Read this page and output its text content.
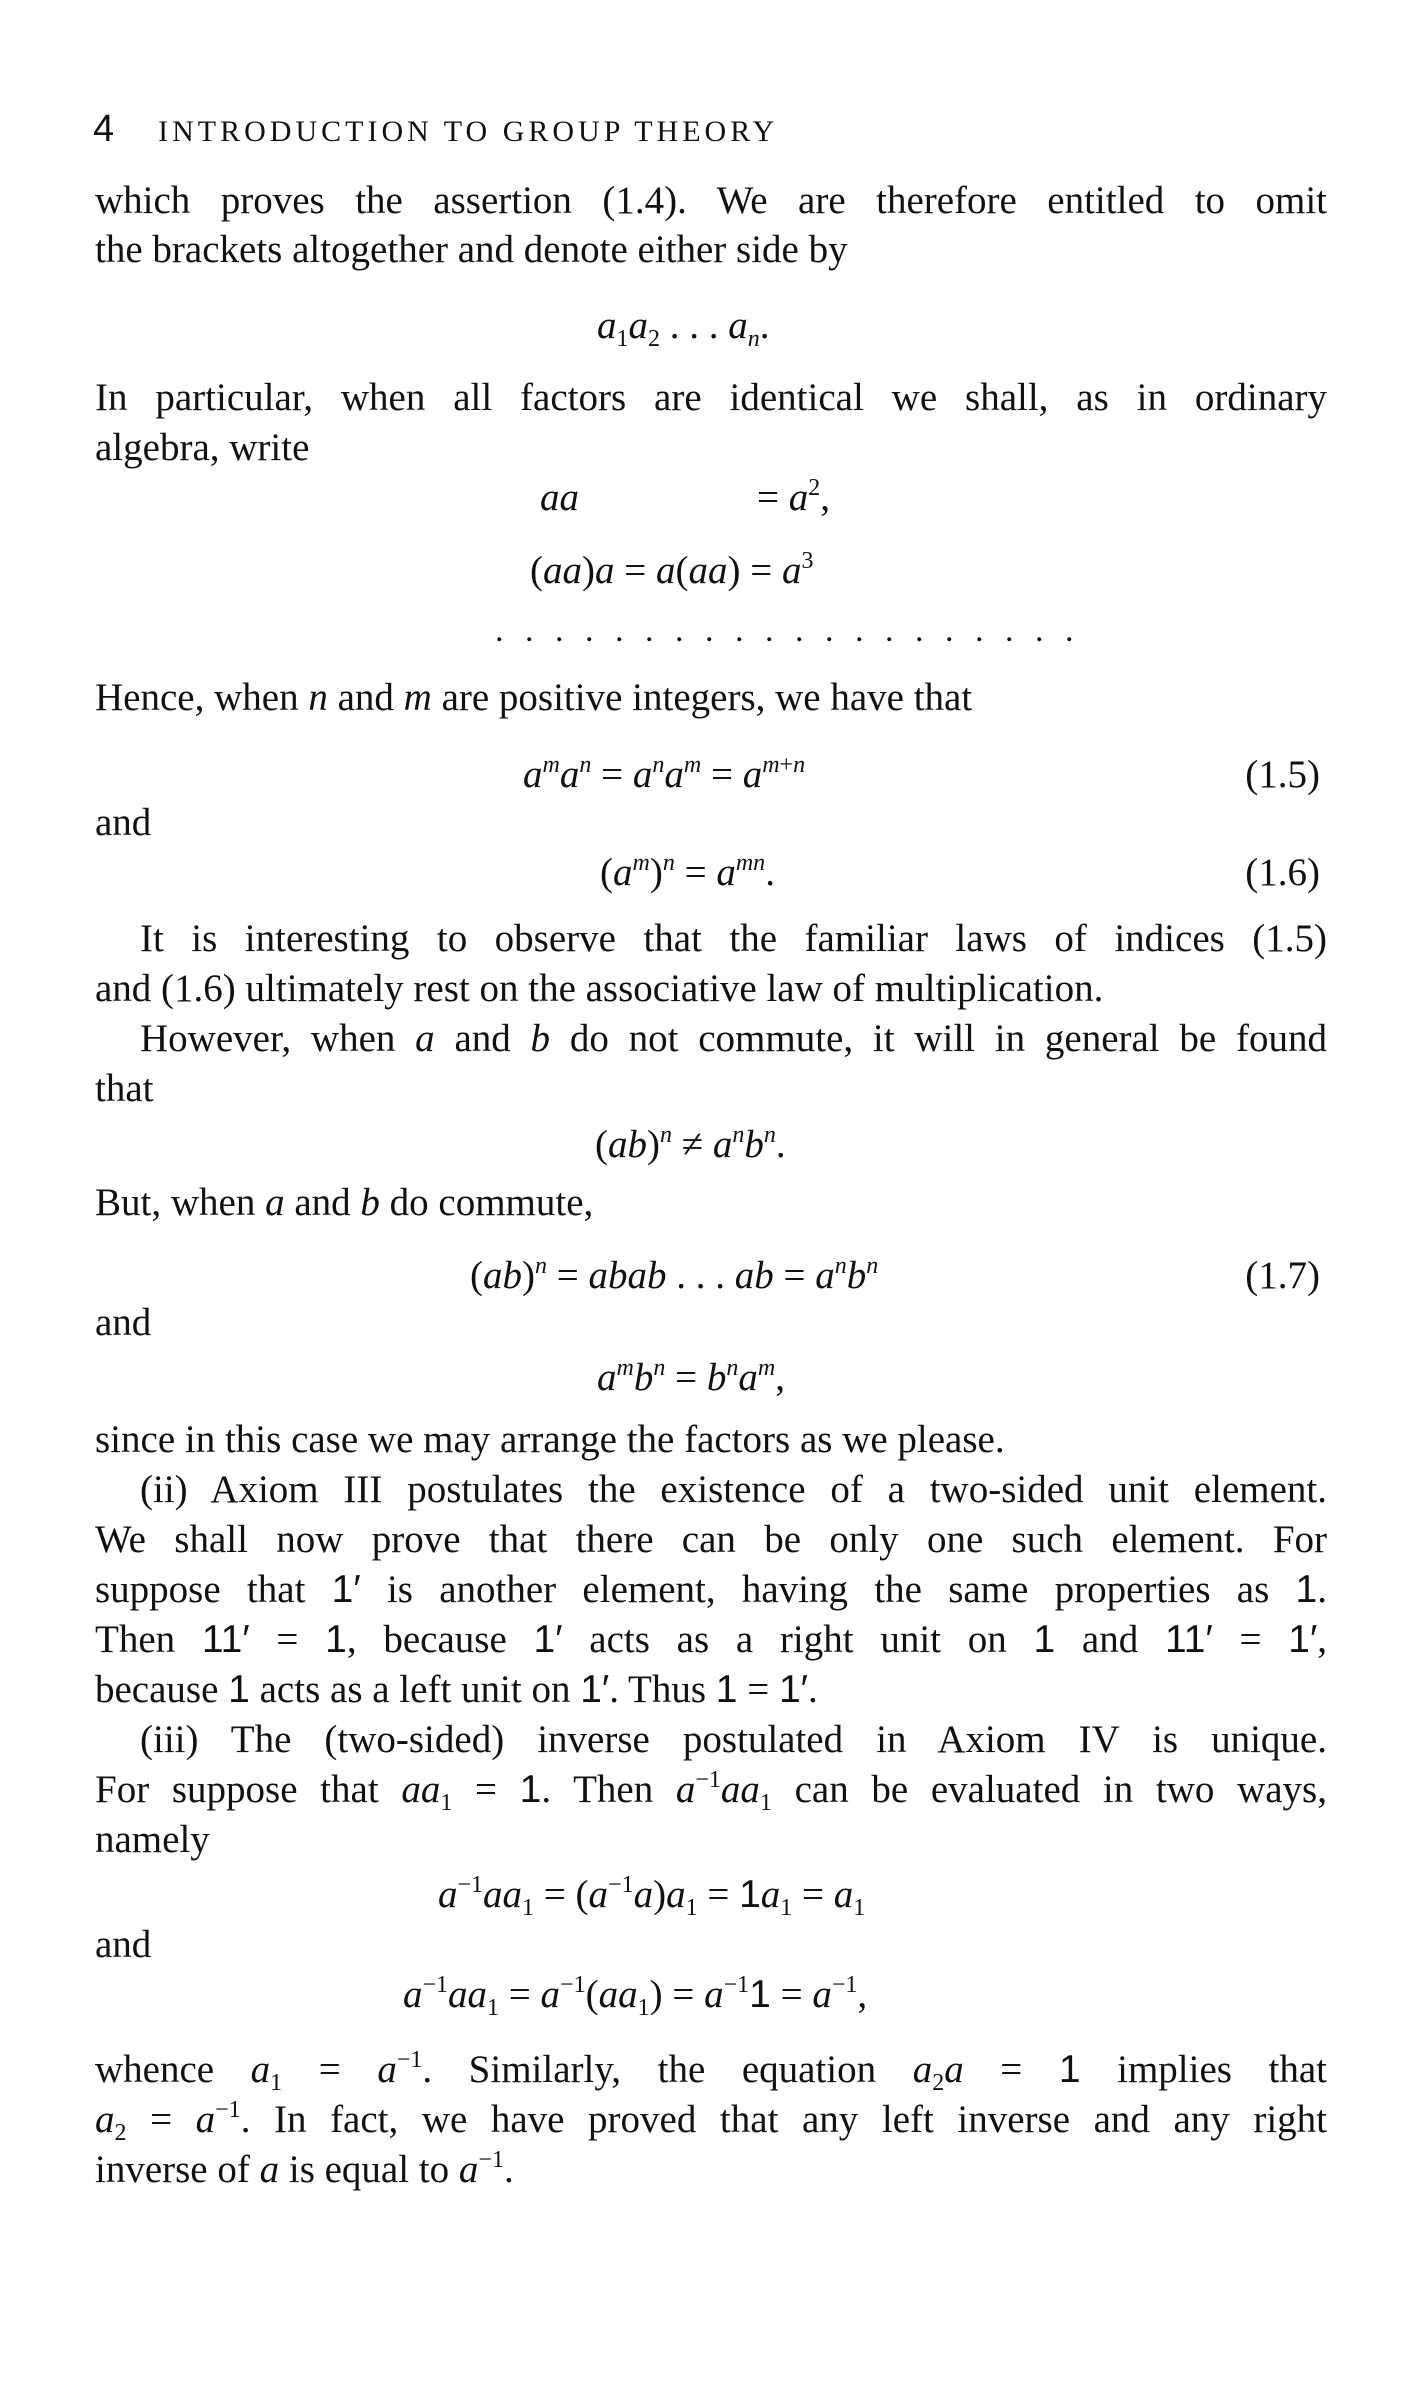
4 INTRODUCTION TO GROUP THEORY
which proves the assertion (1.4). We are therefore entitled to omit
the brackets altogether and denote either side by
$a_1a_2$ . . . $a_n$.
In particular, when all factors are identical we shall, as in ordinary
algebra, write
aa	= $a^2$,
$(aa)a = a(aa) = a^3$
. . . . . . . . . . . . . . . . . . . .
Hence, when n and m are positive integers, we have that
$a^ma^n = a^na^m = a^{m+n}$	(1.5)
and
$(a^m)^n = a^{mn}$.	(1.6)
It is interesting to observe that the familiar laws of indices (1.5)
and (1.6) ultimately rest on the associative law of multiplication.
However, when a and b do not commute, it will in general be found
that
$(ab)^n \ne a^nb^n$.
But, when a and b do commute,
(ab)$^n$ = abab . . . ab = $a^nb^n$	(1.7)
and
$a^mb^n = b^na^m$,
since in this case we may arrange the factors as we please.
(ii) Axiom III postulates the existence of a two-sided unit element.
We shall now prove that there can be only one such element. For
suppose that 1′ is another element, having the same properties as 1.
Then 11′ = 1, because 1′ acts as a right unit on 1 and 11′ = 1′,
because 1 acts as a left unit on 1′. Thus 1 = 1′.
(iii) The (two-sided) inverse postulated in Axiom IV is unique.
For suppose that $aa_1 = 1$. Then $a^{-1}aa_1$ can be evaluated in two ways,
namely
$a^{-1}aa_1 = (a^{-1}a)a_1 = 1a_1 = a_1$
and
$a^{-1}aa_1 = a^{-1}(aa_1) = a^{-1}1 = a^{-1}$,
whence $a_1 = a^{-1}$. Similarly, the equation $a_2a = 1$ implies that
$a_2 = a^{-1}$. In fact, we have proved that any left inverse and any right
inverse of a is equal to $a^{-1}$.
